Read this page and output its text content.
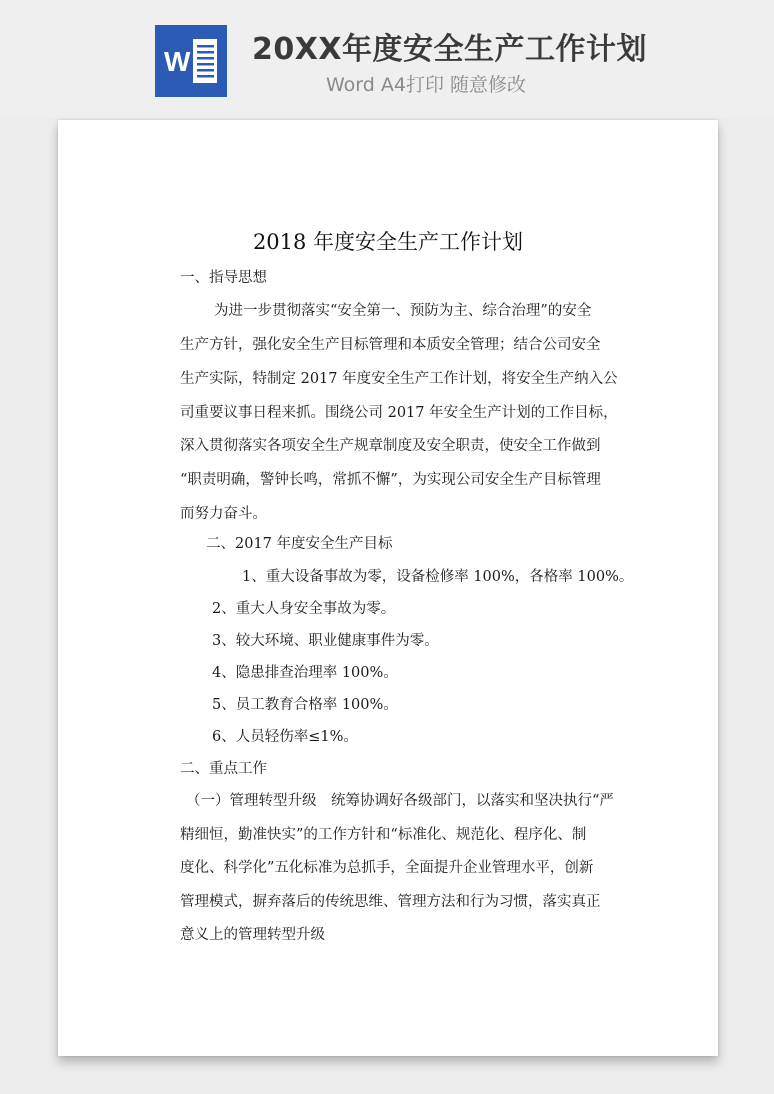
W 20XX年度安全生产工作计划
Word A4打印 随意修改
2018 年度安全生产工作计划
一、指导思想
为进一步贯彻落实“安全第一、预防为主、综合治理”的安全
生产方针，强化安全生产目标管理和本质安全管理；结合公司安全
生产实际，特制定 2017 年度安全生产工作计划，将安全生产纳入公
司重要议事日程来抓。围绕公司 2017 年安全生产计划的工作目标，
深入贯彻落实各项安全生产规章制度及安全职责，使安全工作做到
“职责明确，警钟长鸣，常抓不懈”，为实现公司安全生产目标管理
而努力奋斗。
二、2017 年度安全生产目标
1、重大设备事故为零，设备检修率 100%，各格率 100%。
2、重大人身安全事故为零。
3、较大环境、职业健康事件为零。
4、隐患排查治理率 100%。
5、员工教育合格率 100%。
6、人员轻伤率≤1%。
二、重点工作
（一）管理转型升级　统筹协调好各级部门，以落实和坚决执行“严
精细恒，勤准快实”的工作方针和“标准化、规范化、程序化、制
度化、科学化”五化标准为总抓手，全面提升企业管理水平，创新
管理模式，摒弃落后的传统思维、管理方法和行为习惯，落实真正
意义上的管理转型升级
